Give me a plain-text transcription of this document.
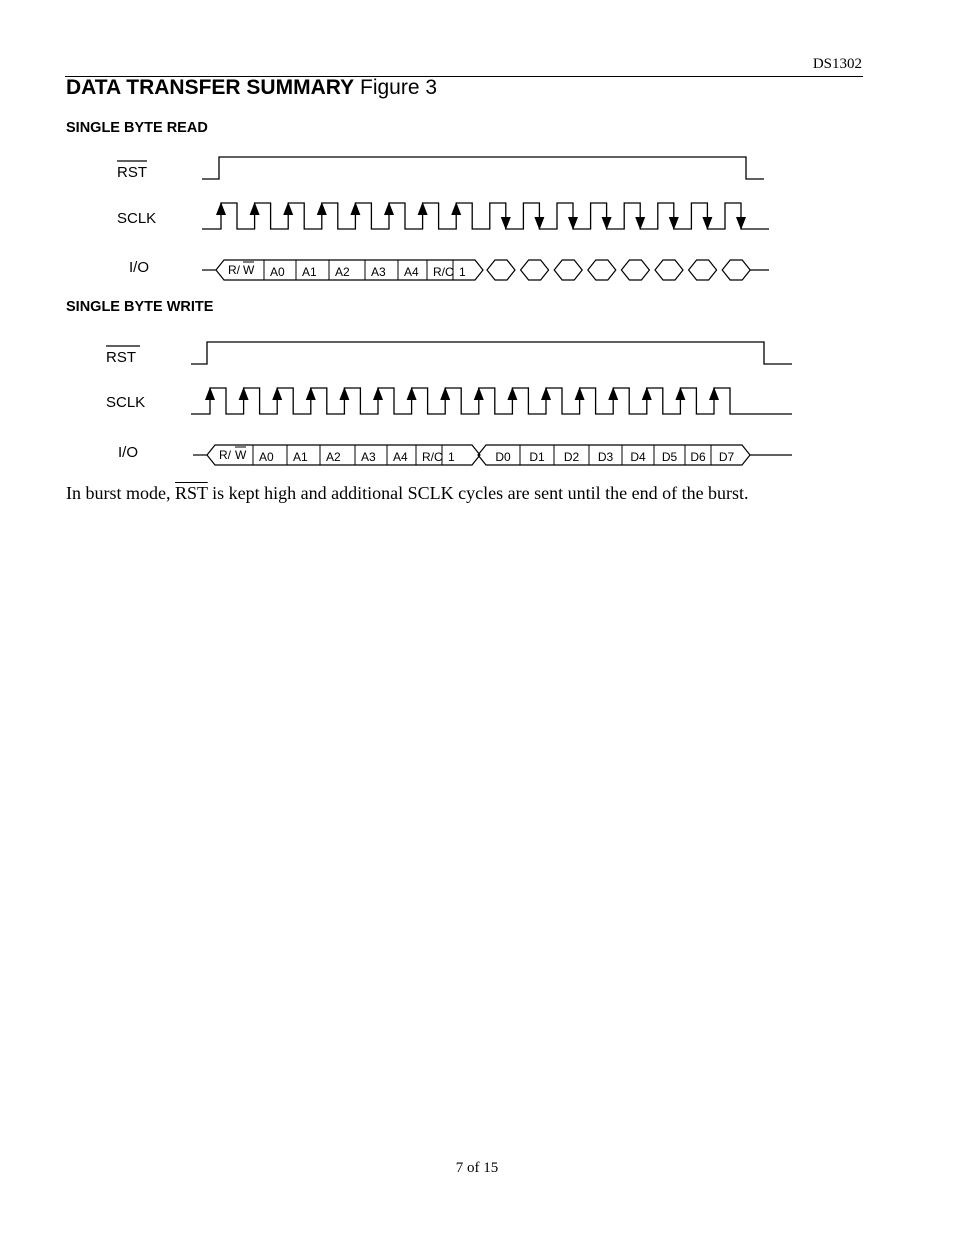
DS1302
DATA TRANSFER SUMMARY Figure 3
SINGLE BYTE READ
RST
SCLK
I/O	R/ W A0 A1 A2 A3 A4 R/C 1
SINGLE BYTE WRITE
RST
SCLK
I/O	R/ W A0 A1 A2 A3 A4 R/C 1	D0 D1 D2 D3 D4 D5 D6 D7
In burst mode, $\overline{RST}$ is kept high and additional SCLK cycles are sent until the end of the burst.
7 of 15
